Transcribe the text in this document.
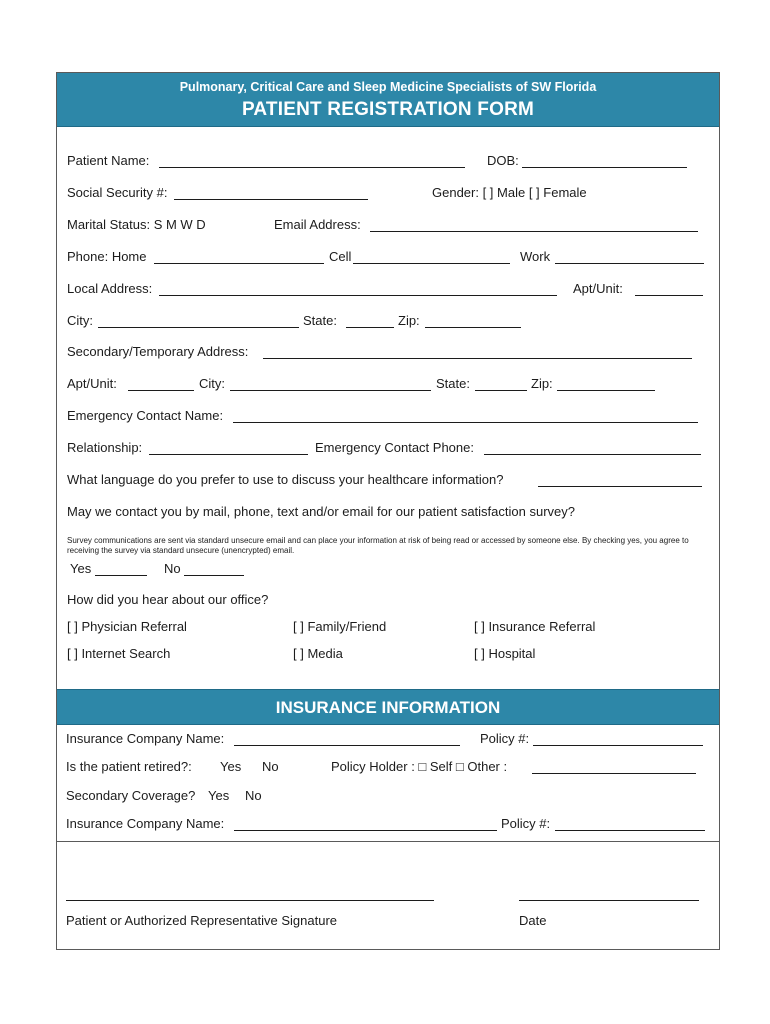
Pulmonary, Critical Care and Sleep Medicine Specialists of SW Florida
PATIENT REGISTRATION FORM
Patient Name:	DOB:
Social Security #:	Gender: [ ] Male [ ] Female
Marital Status: S M W D	Email Address:
Phone: Home	Cell	Work
Local Address:	Apt/Unit:
City:	State:	Zip:
Secondary/Temporary Address:
Apt/Unit:	City:	State:	Zip:
Emergency Contact Name:
Relationship:	Emergency Contact Phone:
What language do you prefer to use to discuss your healthcare information?
May we contact you by mail, phone, text and/or email for our patient satisfaction survey?
Survey communications are sent via standard unsecure email and can place your information at risk of being read or accessed by someone else. By checking yes, you agree to receiving the survey via standard unsecure (unencrypted) email.
Yes	No
How did you hear about our office?
[ ] Physician Referral	[ ] Family/Friend	[ ] Insurance Referral
[ ] Internet Search	[ ] Media	[ ] Hospital
INSURANCE INFORMATION
Insurance Company Name:	Policy #:
Is the patient retired?: Yes No	Policy Holder : □ Self □ Other :
Secondary Coverage? Yes No
Insurance Company Name:	Policy #:
Patient or Authorized Representative Signature	Date
